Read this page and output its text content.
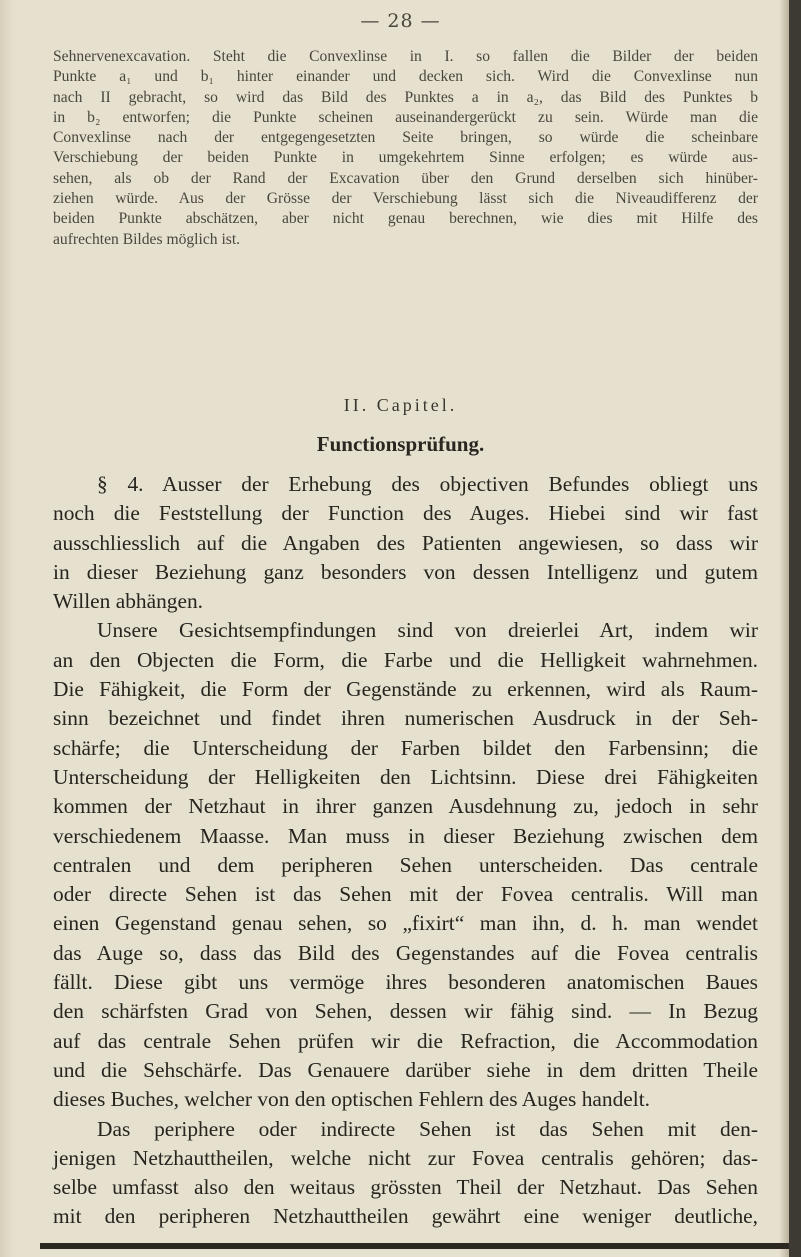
— 28 —
Sehnervenexcavation. Steht die Convexlinse in I. so fallen die Bilder der beiden
Punkte a₁ und b₁ hinter einander und decken sich. Wird die Convexlinse nun
nach II gebracht, so wird das Bild des Punktes a in a₂, das Bild des Punktes b
in b₂ entworfen; die Punkte scheinen auseinandergerückt zu sein. Würde man die
Convexlinse nach der entgegengesetzten Seite bringen, so würde die scheinbare
Verschiebung der beiden Punkte in umgekehrtem Sinne erfolgen; es würde aus-
sehen, als ob der Rand der Excavation über den Grund derselben sich hinüber-
ziehen würde. Aus der Grösse der Verschiebung lässt sich die Niveaudifferenz der
beiden Punkte abschätzen, aber nicht genau berechnen, wie dies mit Hilfe des
aufrechten Bildes möglich ist.
II. Capitel.
Functionsprüfung.
§ 4. Ausser der Erhebung des objectiven Befundes obliegt uns
noch die Feststellung der Function des Auges. Hiebei sind wir fast
ausschliesslich auf die Angaben des Patienten angewiesen, so dass wir
in dieser Beziehung ganz besonders von dessen Intelligenz und gutem
Willen abhängen.
Unsere Gesichtsempfindungen sind von dreierlei Art, indem wir
an den Objecten die Form, die Farbe und die Helligkeit wahrnehmen.
Die Fähigkeit, die Form der Gegenstände zu erkennen, wird als Raum-
sinn bezeichnet und findet ihren numerischen Ausdruck in der Seh-
schärfe; die Unterscheidung der Farben bildet den Farbensinn; die
Unterscheidung der Helligkeiten den Lichtsinn. Diese drei Fähigkeiten
kommen der Netzhaut in ihrer ganzen Ausdehnung zu, jedoch in sehr
verschiedenem Maasse. Man muss in dieser Beziehung zwischen dem
centralen und dem peripheren Sehen unterscheiden. Das centrale
oder directe Sehen ist das Sehen mit der Fovea centralis. Will man
einen Gegenstand genau sehen, so „fixirt“ man ihn, d. h. man wendet
das Auge so, dass das Bild des Gegenstandes auf die Fovea centralis
fällt. Diese gibt uns vermöge ihres besonderen anatomischen Baues
den schärfsten Grad von Sehen, dessen wir fähig sind. — In Bezug
auf das centrale Sehen prüfen wir die Refraction, die Accommodation
und die Sehschärfe. Das Genauere darüber siehe in dem dritten Theile
dieses Buches, welcher von den optischen Fehlern des Auges handelt.
Das periphere oder indirecte Sehen ist das Sehen mit den-
jenigen Netzhauttheilen, welche nicht zur Fovea centralis gehören; das-
selbe umfasst also den weitaus grössten Theil der Netzhaut. Das Sehen
mit den peripheren Netzhauttheilen gewährt eine weniger deutliche,
